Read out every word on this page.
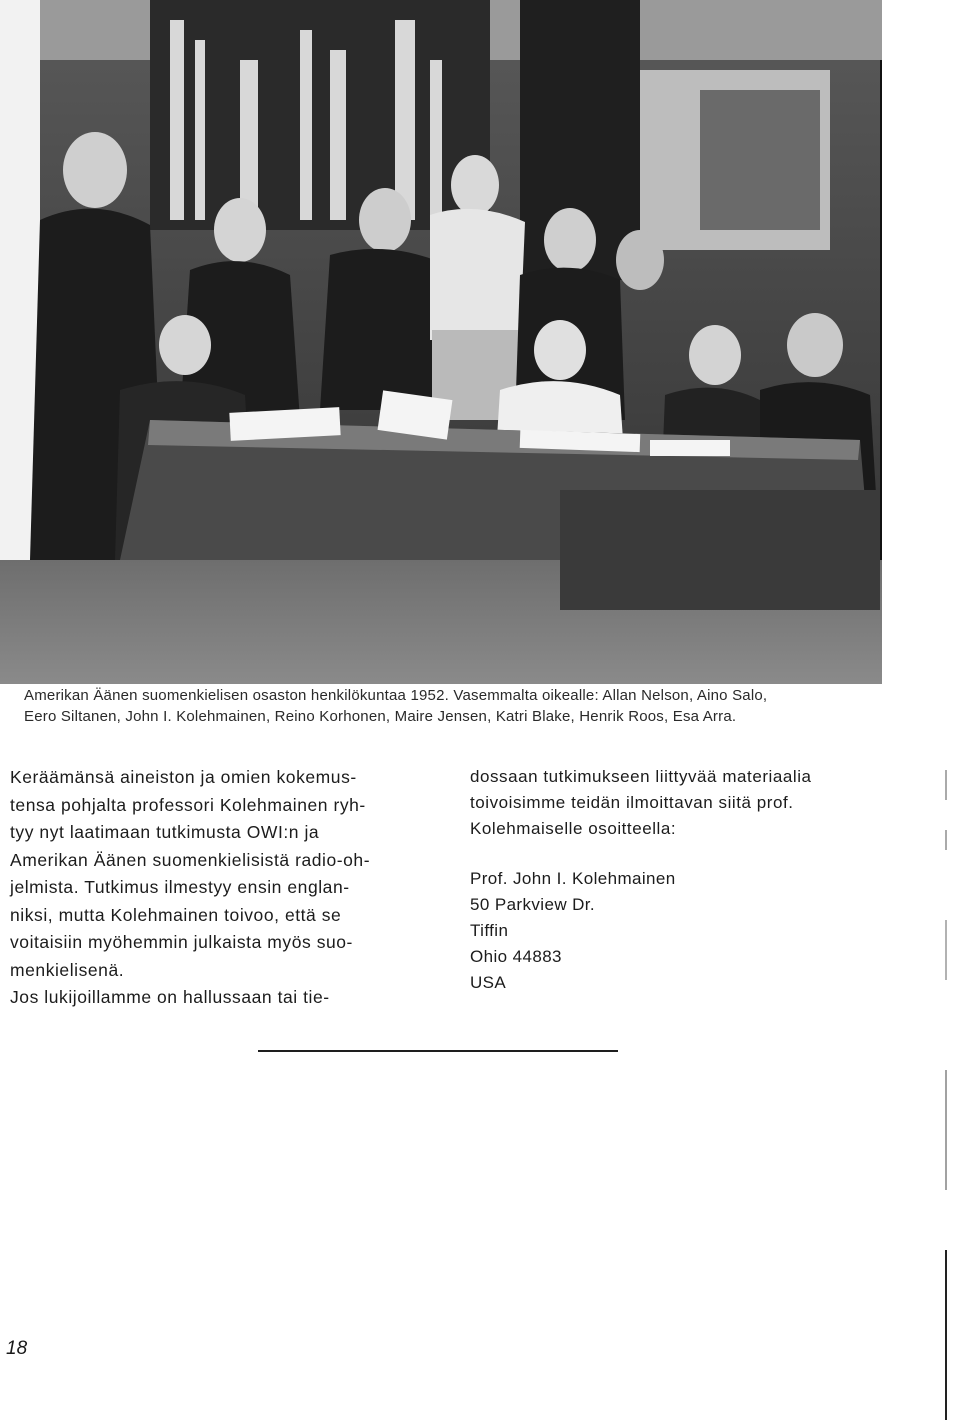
Amerikan Äänen suomenkielisen osaston henkilökuntaa 1952. Vasemmalta oikealle: Allan Nelson, Aino Salo,

Eero Siltanen, John I. Kolehmainen, Reino Korhonen, Maire Jensen, Katri Blake, Henrik Roos, Esa Arra.

Keräämänsä aineiston ja omien kokemus-
tensa pohjalta professori Kolehmainen ryh-
tyy nyt laatimaan tutkimusta OWI:n ja
Amerikan Äänen suomenkielisistä radio-oh-
jelmista. Tutkimus ilmestyy ensin englan-
niksi, mutta Kolehmainen toivoo, että se
voitaisiin myöhemmin julkaista myös suo-
menkielisenä.
Jos lukijoillamme on hallussaan tai tie-
dossaan tutkimukseen liittyvää materiaalia
toivoisimme teidän ilmoittavan siitä prof.
Kolehmaiselle osoitteella:
Prof. John I. Kolehmainen
50 Parkview Dr.
Tiffin
Ohio 44883
USA
18
